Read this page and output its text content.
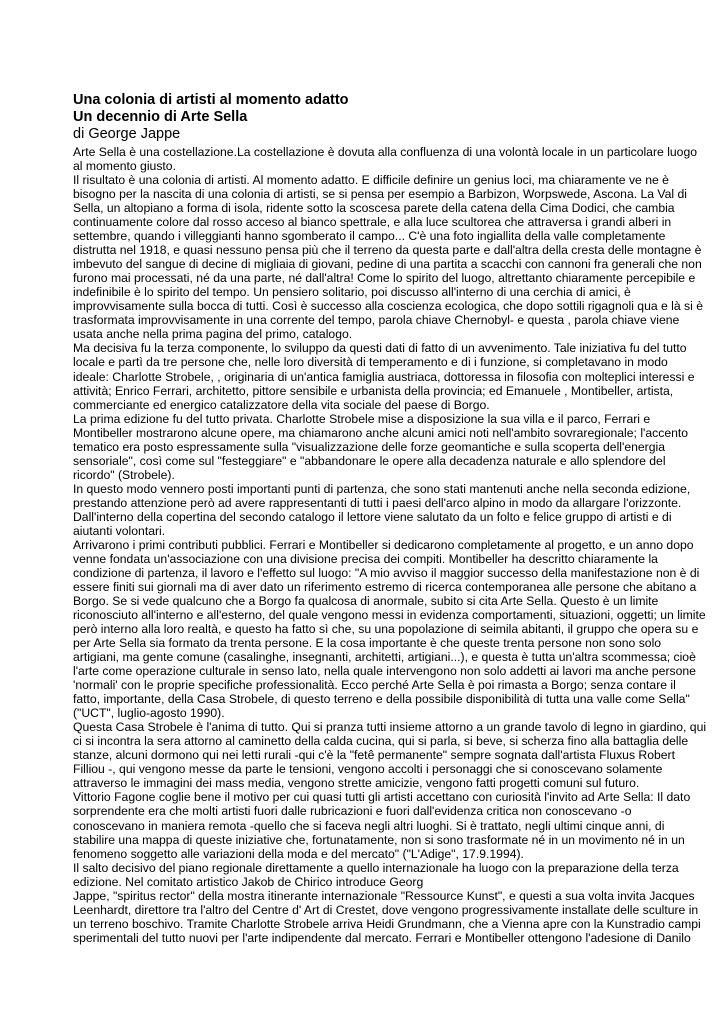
Una colonia di artisti al momento adatto
Un decennio di Arte Sella
di George Jappe
Arte Sella è una costellazione.La costellazione è dovuta alla confluenza di una volontà locale in un particolare luogo
al momento giusto.
Il risultato è una colonia di artisti. Al momento adatto. E difficile definire un genius loci, ma chiaramente ve ne è
bisogno per la nascita di una colonia di artisti, se si pensa per esempio a Barbizon, Worpswede, Ascona. La Val di
Sella, un altopiano a forma di isola, ridente sotto la scoscesa parete della catena della Cima Dodici, che cambia
continuamente colore dal rosso acceso al bianco spettrale, e alla luce scultorea che attraversa i grandi alberi in
settembre, quando i villeggianti hanno sgomberato il campo... C'è una foto ingiallita della valle completamente
distrutta nel 1918, e quasi nessuno pensa più che il terreno da questa parte e dall'altra della cresta delle montagne è
imbevuto del sangue di decine di migliaia di giovani, pedine di una partita a scacchi con cannoni fra generali che non
furono mai processati, né da una parte, né dall'altra! Come lo spirito del luogo, altrettanto chiaramente percepibile e
indefinibile è lo spirito del tempo. Un pensiero solitario, poi discusso all'interno di una cerchia di amici, è
improvvisamente sulla bocca di tutti. Così è successo alla coscienza ecologica, che dopo sottili rigagnoli qua e là si è
trasformata improvvisamente in una corrente del tempo, parola chiave Chernobyl- e questa , parola chiave viene
usata anche nella prima pagina del primo, catalogo.
Ma decisiva fu la terza componente, lo sviluppo da questi dati di fatto di un avvenimento. Tale iniziativa fu del tutto
locale e partì da tre persone che, nelle loro diversità di temperamento e di i funzione, si completavano in modo
ideale: Charlotte Strobele, , originaria di un'antica famiglia austriaca, dottoressa in filosofia con molteplici interessi e
attività; Enrico Ferrari, architetto, pittore sensibile e urbanista della provincia; ed Emanuele , Montibeller, artista,
commerciante ed energico catalizzatore della vita sociale del paese di Borgo.
La prima edizione fu del tutto privata. Charlotte Strobele mise a disposizione la sua villa e il parco, Ferrari e
Montibeller mostrarono alcune opere, ma chiamarono anche alcuni amici noti nell'ambito sovraregionale; l'accento
tematico era posto espressamente sulla "visualizzazione delle forze geomantiche e sulla scoperta dell'energia
sensoriale", così come sul "festeggiare" e "abbandonare le opere alla decadenza naturale e allo splendore del
ricordo" (Strobele).
In questo modo vennero posti importanti punti di partenza, che sono stati mantenuti anche nella seconda edizione,
prestando attenzione però ad avere rappresentanti di tutti i paesi dell'arco alpino in modo da allargare l'orizzonte.
Dall'interno della copertina del secondo catalogo il lettore viene salutato da un folto e felice gruppo di artisti e di
aiutanti volontari.
Arrivarono i primi contributi pubblici. Ferrari e Montibeller si dedicarono completamente al progetto, e un anno dopo
venne fondata un'associazione con una divisione precisa dei compiti. Montibeller ha descritto chiaramente la
condizione di partenza, il lavoro e l'effetto sul luogo: "A mio avviso il maggior successo della manifestazione non è di
essere finiti sui giornali ma di aver dato un riferimento estremo di ricerca contemporanea alle persone che abitano a
Borgo. Se si vede qualcuno che a Borgo fa qualcosa di anormale, subito si cita Arte Sella. Questo è un limite
riconosciuto all'interno e all'esterno, del quale vengono messi in evidenza comportamenti, situazioni, oggetti; un limite
però interno alla loro realtà, e questo ha fatto sì che, su una popolazione di seimila abitanti, il gruppo che opera su e
per Arte Sella sia formato da trenta persone. E la cosa importante è che queste trenta persone non sono solo
artigiani, ma gente comune (casalinghe, insegnanti, architetti, artigiani...), e questa è tutta un'altra scommessa; cioè
l'arte come operazione culturale in senso lato, nella quale intervengono non solo addetti ai lavori ma anche persone
'normali' con le proprie specifiche professionalità. Ecco perché Arte Sella è poi rimasta a Borgo; senza contare il
fatto, importante, della Casa Strobele, di questo terreno e della possibile disponibilità di tutta una valle come Sella"
("UCT", luglio-agosto 1990).
Questa Casa Strobele è l'anima di tutto. Qui si pranza tutti insieme attorno a un grande tavolo di legno in giardino, qui
ci si incontra la sera attorno al caminetto della calda cucina, qui si parla, si beve, si scherza fino alla battaglia delle
stanze, alcuni dormono qui nei letti rurali -qui c'è la "fetê permanente" sempre sognata dall'artista Fluxus Robert
Filliou -, qui vengono messe da parte le tensioni, vengono accolti i personaggi che si conoscevano solamente
attraverso le immagini dei mass media, vengono strette amicizie, vengono fatti progetti comuni sul futuro.
Vittorio Fagone coglie bene il motivo per cui quasi tutti gli artisti accettano con curiosità l'invito ad Arte Sella: Il dato
sorprendente era che molti artisti fuori dalle rubricazioni e fuori dall'evidenza critica non conoscevano -o
conoscevano in maniera remota -quello che si faceva negli altri luoghi. Si è trattato, negli ultimi cinque anni, di
stabilire una mappa di queste iniziative che, fortunatamente, non si sono trasformate né in un movimento né in un
fenomeno soggetto alle variazioni della moda e del mercato" ("L'Adige", 17.9.1994).
Il salto decisivo del piano regionale direttamente a quello internazionale ha luogo con la preparazione della terza
edizione. Nel comitato artistico Jakob de Chirico introduce Georg
Jappe, "spiritus rector" della mostra itinerante internazionale "Ressource Kunst", e questi a sua volta invita Jacques
Leenhardt, direttore tra l'altro del Centre d' Art di Crestet, dove vengono progressivamente installate delle sculture in
un terreno boschivo. Tramite Charlotte Strobele arriva Heidi Grundmann, che a Vienna apre con la Kunstradio campi
sperimentali del tutto nuovi per l'arte indipendente dal mercato. Ferrari e Montibeller ottengono l'adesione di Danilo
